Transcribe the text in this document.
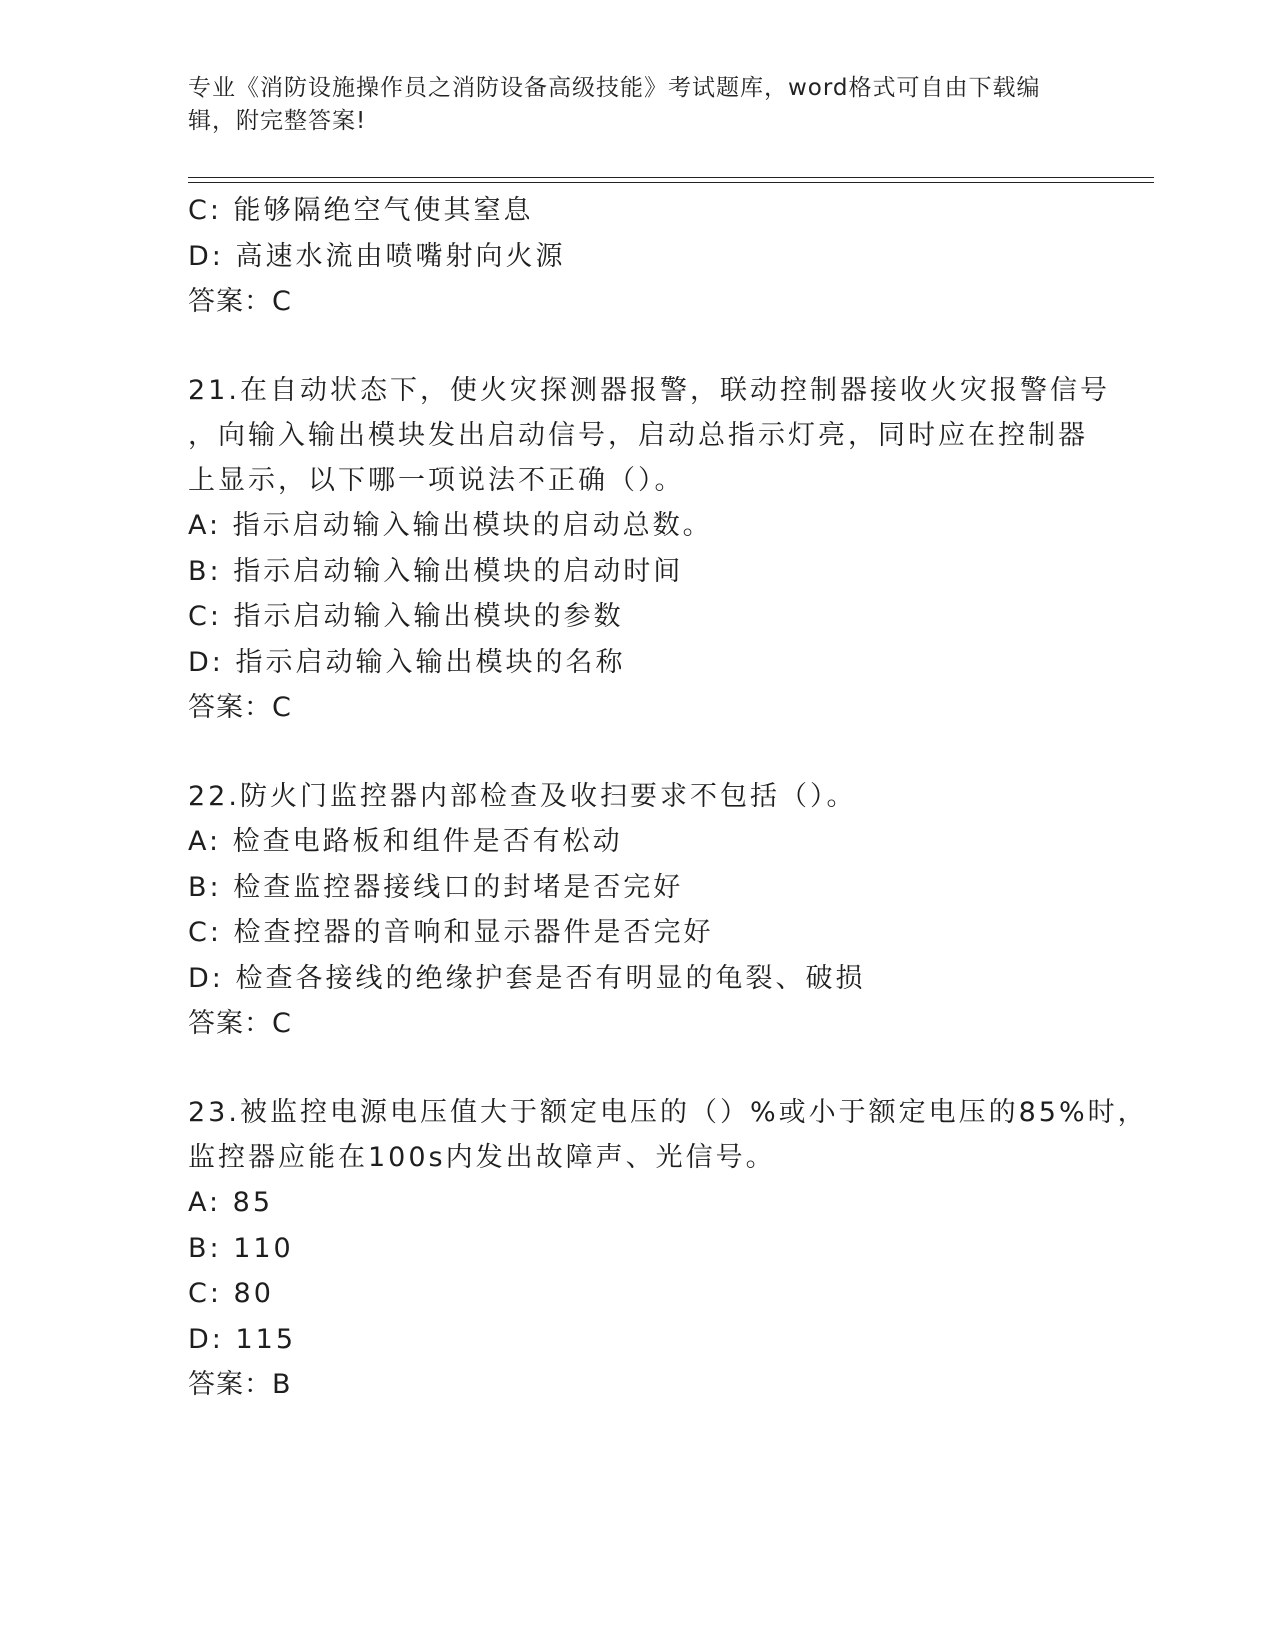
专业《消防设施操作员之消防设备高级技能》考试题库，word格式可自由下载编
辑，附完整答案!
C: 能够隔绝空气使其窒息
D: 高速水流由喷嘴射向火源
答案：C
21.在自动状态下，使火灾探测器报警，联动控制器接收火灾报警信号
，向输入输出模块发出启动信号，启动总指示灯亮，同时应在控制器
上显示，以下哪一项说法不正确（）。
A: 指示启动输入输出模块的启动总数。
B: 指示启动输入输出模块的启动时间
C: 指示启动输入输出模块的参数
D: 指示启动输入输出模块的名称
答案：C
22.防火门监控器内部检查及收扫要求不包括（）。
A: 检查电路板和组件是否有松动
B: 检查监控器接线口的封堵是否完好
C: 检查控器的音响和显示器件是否完好
D: 检查各接线的绝缘护套是否有明显的龟裂、破损
答案：C
23.被监控电源电压值大于额定电压的（）%或小于额定电压的85%时，
监控器应能在100s内发出故障声、光信号。
A: 85
B: 110
C: 80
D: 115
答案：B
